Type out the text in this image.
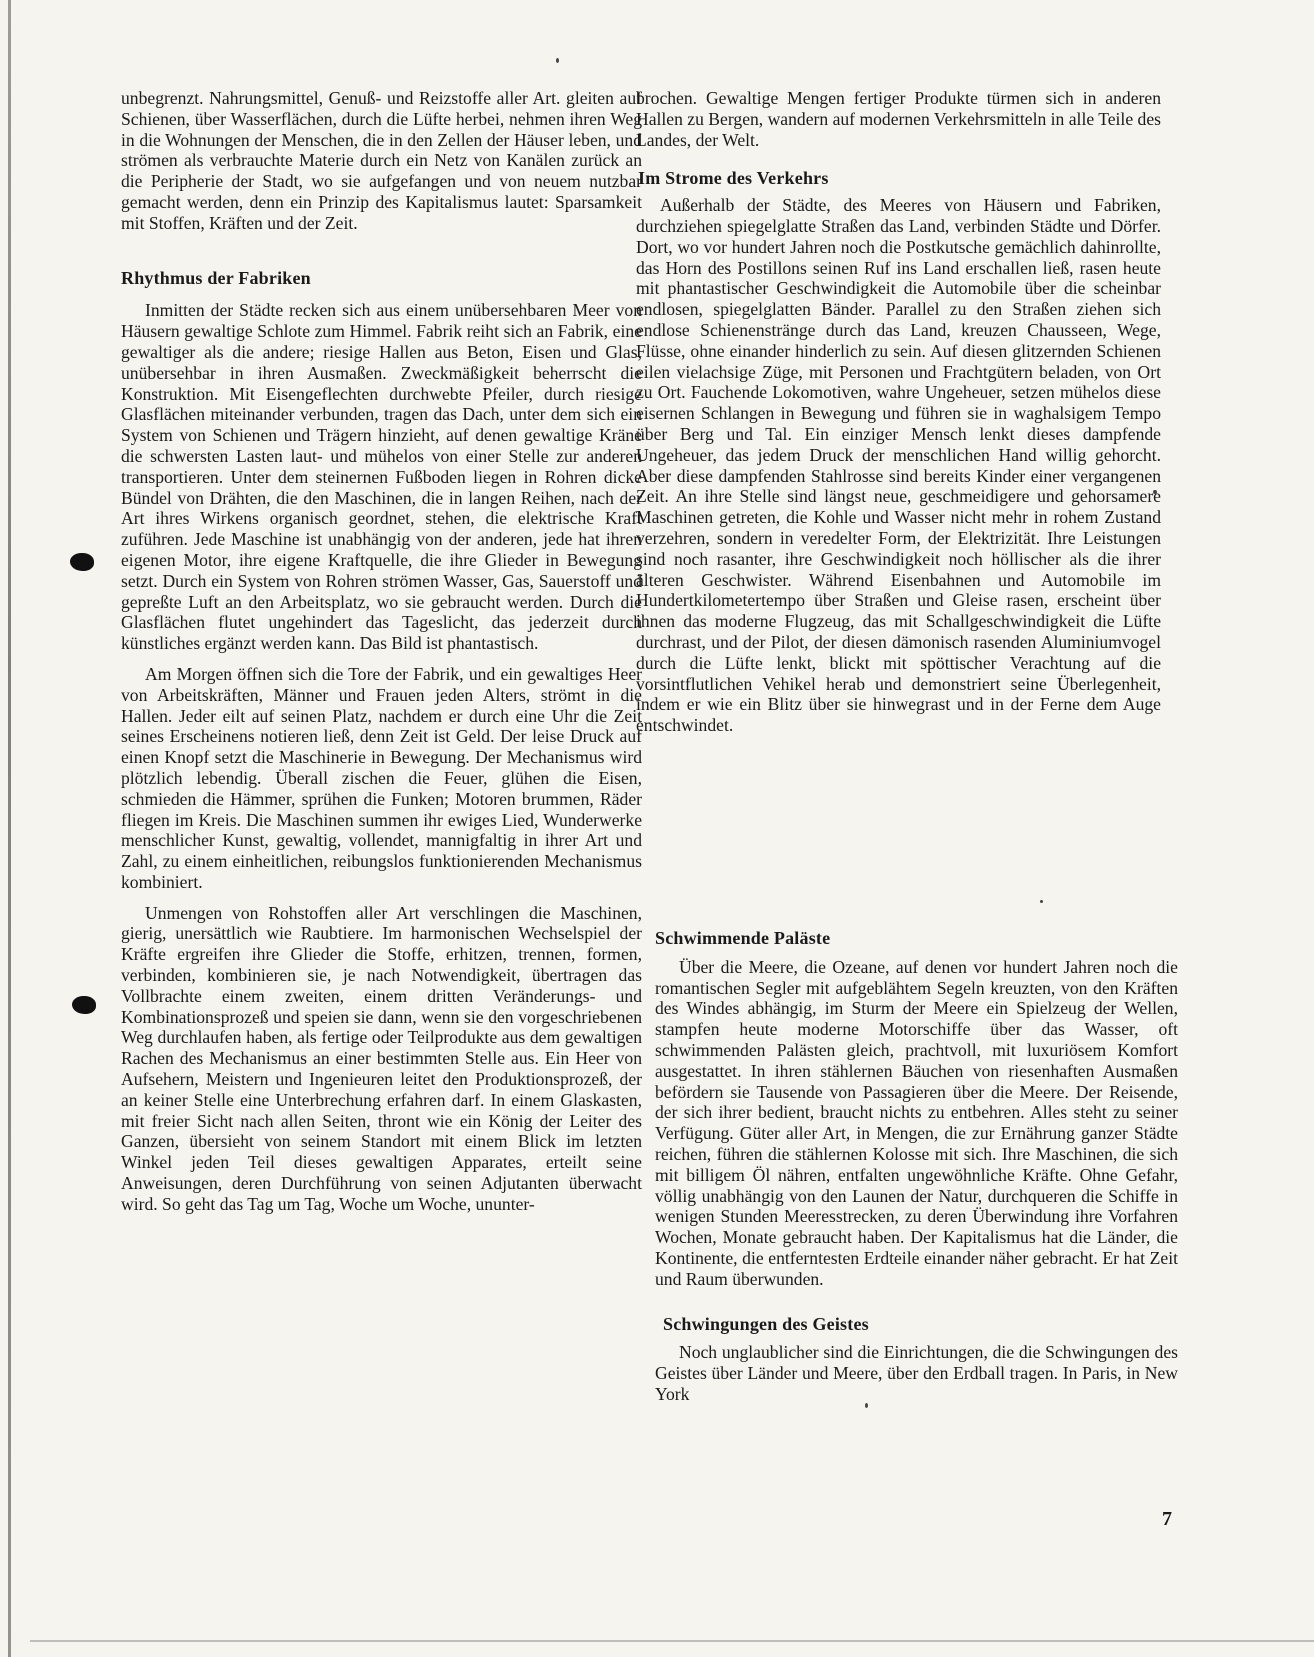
unbegrenzt. Nahrungsmittel, Genuß- und Reizstoffe aller Art. gleiten auf Schienen, über Wasserflächen, durch die Lüfte herbei, nehmen ihren Weg in die Wohnungen der Menschen, die in den Zellen der Häuser leben, und strömen als verbrauchte Materie durch ein Netz von Kanälen zurück an die Peripherie der Stadt, wo sie aufgefangen und von neuem nutzbar gemacht werden, denn ein Prinzip des Kapitalismus lautet: Sparsamkeit mit Stoffen, Kräften und der Zeit.

Rhythmus der Fabriken

Inmitten der Städte recken sich aus einem unübersehbaren Meer von Häusern gewaltige Schlote zum Himmel. Fabrik reiht sich an Fabrik, eine gewaltiger als die andere; riesige Hallen aus Beton, Eisen und Glas, unübersehbar in ihren Ausmaßen. Zweckmäßigkeit beherrscht die Konstruktion. Mit Eisengeflechten durchwebte Pfeiler, durch riesige Glasflächen miteinander verbunden, tragen das Dach, unter dem sich ein System von Schienen und Trägern hinzieht, auf denen gewaltige Kräne die schwersten Lasten laut- und mühelos von einer Stelle zur anderen transportieren. Unter dem steinernen Fußboden liegen in Rohren dicke Bündel von Drähten, die den Maschinen, die in langen Reihen, nach der Art ihres Wirkens organisch geordnet, stehen, die elektrische Kraft zuführen. Jede Maschine ist unabhängig von der anderen, jede hat ihren eigenen Motor, ihre eigene Kraftquelle, die ihre Glieder in Bewegung setzt. Durch ein System von Rohren strömen Wasser, Gas, Sauerstoff und gepreßte Luft an den Arbeitsplatz, wo sie gebraucht werden. Durch die Glasflächen flutet ungehindert das Tageslicht, das jederzeit durch künstliches ergänzt werden kann. Das Bild ist phantastisch.

Am Morgen öffnen sich die Tore der Fabrik, und ein gewaltiges Heer von Arbeitskräften, Männer und Frauen jeden Alters, strömt in die Hallen. Jeder eilt auf seinen Platz, nachdem er durch eine Uhr die Zeit seines Erscheinens notieren ließ, denn Zeit ist Geld. Der leise Druck auf einen Knopf setzt die Maschinerie in Bewegung. Der Mechanismus wird plötzlich lebendig. Überall zischen die Feuer, glühen die Eisen, schmieden die Hämmer, sprühen die Funken; Motoren brummen, Räder fliegen im Kreis. Die Maschinen summen ihr ewiges Lied, Wunderwerke menschlicher Kunst, gewaltig, vollendet, mannigfaltig in ihrer Art und Zahl, zu einem einheitlichen, reibungslos funktionierenden Mechanismus kombiniert.

Unmengen von Rohstoffen aller Art verschlingen die Maschinen, gierig, unersättlich wie Raubtiere. Im harmonischen Wechselspiel der Kräfte ergreifen ihre Glieder die Stoffe, erhitzen, trennen, formen, verbinden, kombinieren sie, je nach Notwendigkeit, übertragen das Vollbrachte einem zweiten, einem dritten Veränderungs- und Kombinationsprozeß und speien sie dann, wenn sie den vorgeschriebenen Weg durchlaufen haben, als fertige oder Teilprodukte aus dem gewaltigen Rachen des Mechanismus an einer bestimmten Stelle aus. Ein Heer von Aufsehern, Meistern und Ingenieuren leitet den Produktionsprozeß, der an keiner Stelle eine Unterbrechung erfahren darf. In einem Glaskasten, mit freier Sicht nach allen Seiten, thront wie ein König der Leiter des Ganzen, übersieht von seinem Standort mit einem Blick im letzten Winkel jeden Teil dieses gewaltigen Apparates, erteilt seine Anweisungen, deren Durchführung von seinen Adjutanten überwacht wird. So geht das Tag um Tag, Woche um Woche, ununter-

brochen. Gewaltige Mengen fertiger Produkte türmen sich in anderen Hallen zu Bergen, wandern auf modernen Verkehrsmitteln in alle Teile des Landes, der Welt.

Im Strome des Verkehrs

Außerhalb der Städte, des Meeres von Häusern und Fabriken, durchziehen spiegelglatte Straßen das Land, verbinden Städte und Dörfer. Dort, wo vor hundert Jahren noch die Postkutsche gemächlich dahinrollte, das Horn des Postillons seinen Ruf ins Land erschallen ließ, rasen heute mit phantastischer Geschwindigkeit die Automobile über die scheinbar endlosen, spiegelglatten Bänder. Parallel zu den Straßen ziehen sich endlose Schienenstränge durch das Land, kreuzen Chausseen, Wege, Flüsse, ohne einander hinderlich zu sein. Auf diesen glitzernden Schienen eilen vielachsige Züge, mit Personen und Frachtgütern beladen, von Ort zu Ort. Fauchende Lokomotiven, wahre Ungeheuer, setzen mühelos diese eisernen Schlangen in Bewegung und führen sie in waghalsigem Tempo über Berg und Tal. Ein einziger Mensch lenkt dieses dampfende Ungeheuer, das jedem Druck der menschlichen Hand willig gehorcht. Aber diese dampfenden Stahlrosse sind bereits Kinder einer vergangenen Zeit. An ihre Stelle sind längst neue, geschmeidigere und gehorsamere Maschinen getreten, die Kohle und Wasser nicht mehr in rohem Zustand verzehren, sondern in veredelter Form, der Elektrizität. Ihre Leistungen sind noch rasanter, ihre Geschwindigkeit noch höllischer als die ihrer älteren Geschwister. Während Eisenbahnen und Automobile im Hundertkilometertempo über Straßen und Gleise rasen, erscheint über ihnen das moderne Flugzeug, das mit Schallgeschwindigkeit die Lüfte durchrast, und der Pilot, der diesen dämonisch rasenden Aluminiumvogel durch die Lüfte lenkt, blickt mit spöttischer Verachtung auf die vorsintflutlichen Vehikel herab und demonstriert seine Überlegenheit, indem er wie ein Blitz über sie hinwegrast und in der Ferne dem Auge entschwindet.

Schwimmende Paläste

Über die Meere, die Ozeane, auf denen vor hundert Jahren noch die romantischen Segler mit aufgeblähtem Segeln kreuzten, von den Kräften des Windes abhängig, im Sturm der Meere ein Spielzeug der Wellen, stampfen heute moderne Motorschiffe über das Wasser, oft schwimmenden Palästen gleich, prachtvoll, mit luxuriösem Komfort ausgestattet. In ihren stählernen Bäuchen von riesenhaften Ausmaßen befördern sie Tausende von Passagieren über die Meere. Der Reisende, der sich ihrer bedient, braucht nichts zu entbehren. Alles steht zu seiner Verfügung. Güter aller Art, in Mengen, die zur Ernährung ganzer Städte reichen, führen die stählernen Kolosse mit sich. Ihre Maschinen, die sich mit billigem Öl nähren, entfalten ungewöhnliche Kräfte. Ohne Gefahr, völlig unabhängig von den Launen der Natur, durchqueren die Schiffe in wenigen Stunden Meeresstrecken, zu deren Überwindung ihre Vorfahren Wochen, Monate gebraucht haben. Der Kapitalismus hat die Länder, die Kontinente, die entferntesten Erdteile einander näher gebracht. Er hat Zeit und Raum überwunden.

Schwingungen des Geistes

Noch unglaublicher sind die Einrichtungen, die die Schwingungen des Geistes über Länder und Meere, über den Erdball tragen. In Paris, in New York

7
